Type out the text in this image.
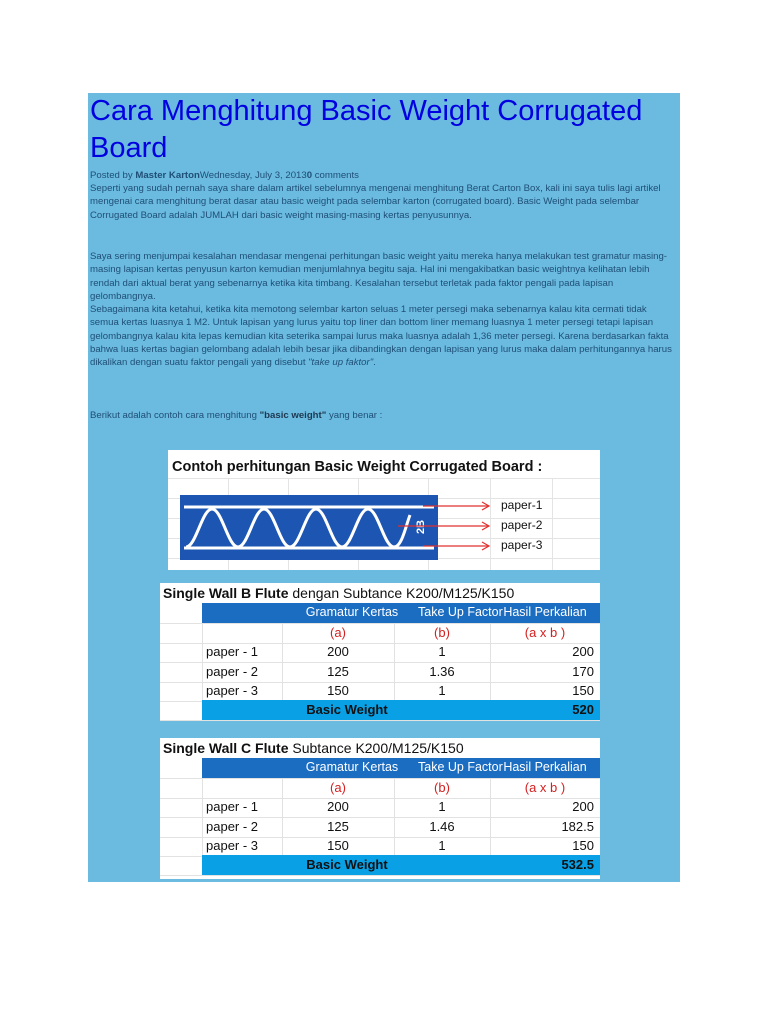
Cara Menghitung Basic Weight Corrugated Board

Posted by Master KartonWednesday, July 3, 20130 comments

Seperti yang sudah pernah saya share dalam artikel sebelumnya mengenai menghitung Berat Carton Box, kali ini saya tulis lagi artikel mengenai cara menghitung berat dasar atau basic weight pada selembar karton (corrugated board). Basic Weight pada selembar Corrugated Board adalah JUMLAH dari basic weight masing-masing kertas penyusunnya.

Saya sering menjumpai kesalahan mendasar mengenai perhitungan basic weight yaitu mereka hanya melakukan test gramatur masing-masing lapisan kertas penyusun karton kemudian menjumlahnya begitu saja. Hal ini mengakibatkan basic weightnya kelihatan lebih rendah dari aktual berat yang sebenarnya ketika kita timbang. Kesalahan tersebut terletak pada faktor pengali pada lapisan gelombangnya.
Sebagaimana kita ketahui, ketika kita memotong selembar karton seluas 1 meter persegi maka sebenarnya kalau kita cermati tidak semua kertas luasnya 1 M2. Untuk lapisan yang lurus yaitu top liner dan bottom liner memang luasnya 1 meter persegi tetapi lapisan gelombangnya kalau kita lepas kemudian kita seterika sampai lurus maka luasnya adalah 1,36 meter persegi. Karena berdasarkan fakta bahwa luas kertas bagian gelombang adalah lebih besar jika dibandingkan dengan lapisan yang lurus maka dalam perhitungannya harus dikalikan dengan suatu faktor pengali yang disebut "take up faktor".

Berikut adalah contoh cara menghitung "basic weight" yang benar :

Contoh perhitungan Basic Weight Corrugated Board :
2B
paper-1
paper-2
paper-3
Single Wall B Flute dengan Subtance K200/M125/K150
Gramatur Kertas	Take Up Factor Hasil Perkalian
(a)	(b)	(a x b )
paper - 1	200	1	200
paper - 2	125	1.36	170
paper - 3	150	1	150
Basic Weight	520
Single Wall C Flute Subtance K200/M125/K150
Gramatur Kertas	Take Up Factor Hasil Perkalian
(a)	(b)	(a x b )
paper - 1	200	1	200
paper - 2	125	1.46	182.5
paper - 3	150	1	150
Basic Weight	532.5
